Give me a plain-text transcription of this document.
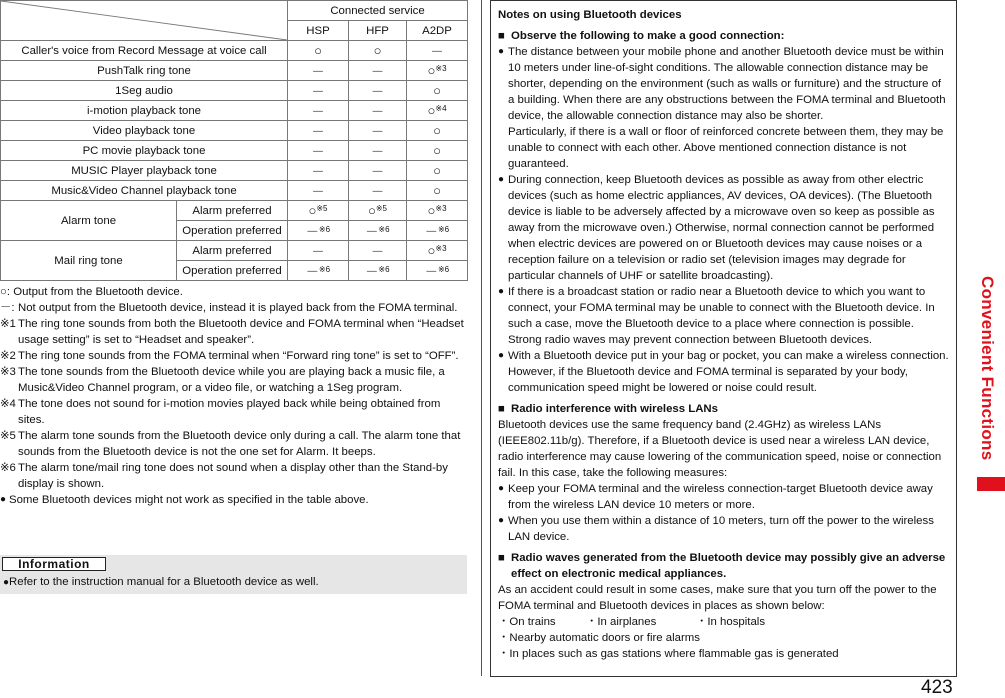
	Connected service		
		HSP	HFP	A2DP
Caller's voice from Record Message at voice call		○	○	－
PushTalk ring tone		－	－	○$^{※3}$
1Seg audio		－	－	○
i-motion playback tone		－	－	○$^{※4}$
Video playback tone		－	－	○
PC movie playback tone		－	－	○
MUSIC Player playback tone		－	－	○
Music&Video Channel playback tone		－	－	○
Alarm tone	Alarm preferred	○$^{※5}$	○$^{※5}$	○$^{※3}$
	Operation preferred	－$^{※6}$	－$^{※6}$	－$^{※6}$
Mail ring tone	Alarm preferred	－	－	○$^{※3}$
	Operation preferred	－$^{※6}$	－$^{※6}$	－$^{※6}$
○: Output from the Bluetooth device.
－: Not output from the Bluetooth device, instead it is played back from the FOMA terminal.
※1 The ring tone sounds from both the Bluetooth device and FOMA terminal when “Headset usage setting” is set to “Headset and speaker”.
※2 The ring tone sounds from the FOMA terminal when “Forward ring tone” is set to “OFF”.
※3 The tone sounds from the Bluetooth device while you are playing back a music file, a Music&Video Channel program, or a video file, or watching a 1Seg program.
※4 The tone does not sound for i-motion movies played back while being obtained from sites.
※5 The alarm tone sounds from the Bluetooth device only during a call. The alarm tone that sounds from the Bluetooth device is not the one set for Alarm. It beeps.
※6 The alarm tone/mail ring tone does not sound when a display other than the Stand-by display is shown.
● Some Bluetooth devices might not work as specified in the table above.
Information
●Refer to the instruction manual for a Bluetooth device as well.
Notes on using Bluetooth devices
■ Observe the following to make a good connection:
● The distance between your mobile phone and another Bluetooth device must be within 10 meters under line-of-sight conditions. The allowable connection distance may be shorter, depending on the environment (such as walls or furniture) and the structure of a building. When there are any obstructions between the FOMA terminal and Bluetooth device, the allowable connection distance may also be shorter.
Particularly, if there is a wall or floor of reinforced concrete between them, they may be unable to connect with each other. Above mentioned connection distance is not guaranteed.
● During connection, keep Bluetooth devices as possible as away from other electric devices (such as home electric appliances, AV devices, OA devices). (The Bluetooth device is liable to be adversely affected by a microwave oven so keep as possible as away from the microwave oven.) Otherwise, normal connection cannot be performed when electric devices are powered on or Bluetooth devices may cause noises or a reception failure on a television or radio set (television images may degrade for particular channels of UHF or satellite broadcasting).
● If there is a broadcast station or radio near a Bluetooth device to which you want to connect, your FOMA terminal may be unable to connect with the Bluetooth device. In such a case, move the Bluetooth device to a place where connection is possible. Strong radio waves may prevent connection between Bluetooth devices.
● With a Bluetooth device put in your bag or pocket, you can make a wireless connection. However, if the Bluetooth device and FOMA terminal is separated by your body, communication speed might be lowered or noise could result.
■ Radio interference with wireless LANs
Bluetooth devices use the same frequency band (2.4GHz) as wireless LANs (IEEE802.11b/g). Therefore, if a Bluetooth device is used near a wireless LAN device, radio interference may cause lowering of the communication speed, noise or connection fail. In this case, take the following measures:
● Keep your FOMA terminal and the wireless connection-target Bluetooth device away from the wireless LAN device 10 meters or more.
● When you use them within a distance of 10 meters, turn off the power to the wireless LAN device.
■ Radio waves generated from the Bluetooth device may possibly give an adverse effect on electronic medical appliances.
As an accident could result in some cases, make sure that you turn off the power to the FOMA terminal and Bluetooth devices in places as shown below:
・On trains	・In airplanes	・In hospitals
・Nearby automatic doors or fire alarms
・In places such as gas stations where flammable gas is generated
Convenient Functions
423
